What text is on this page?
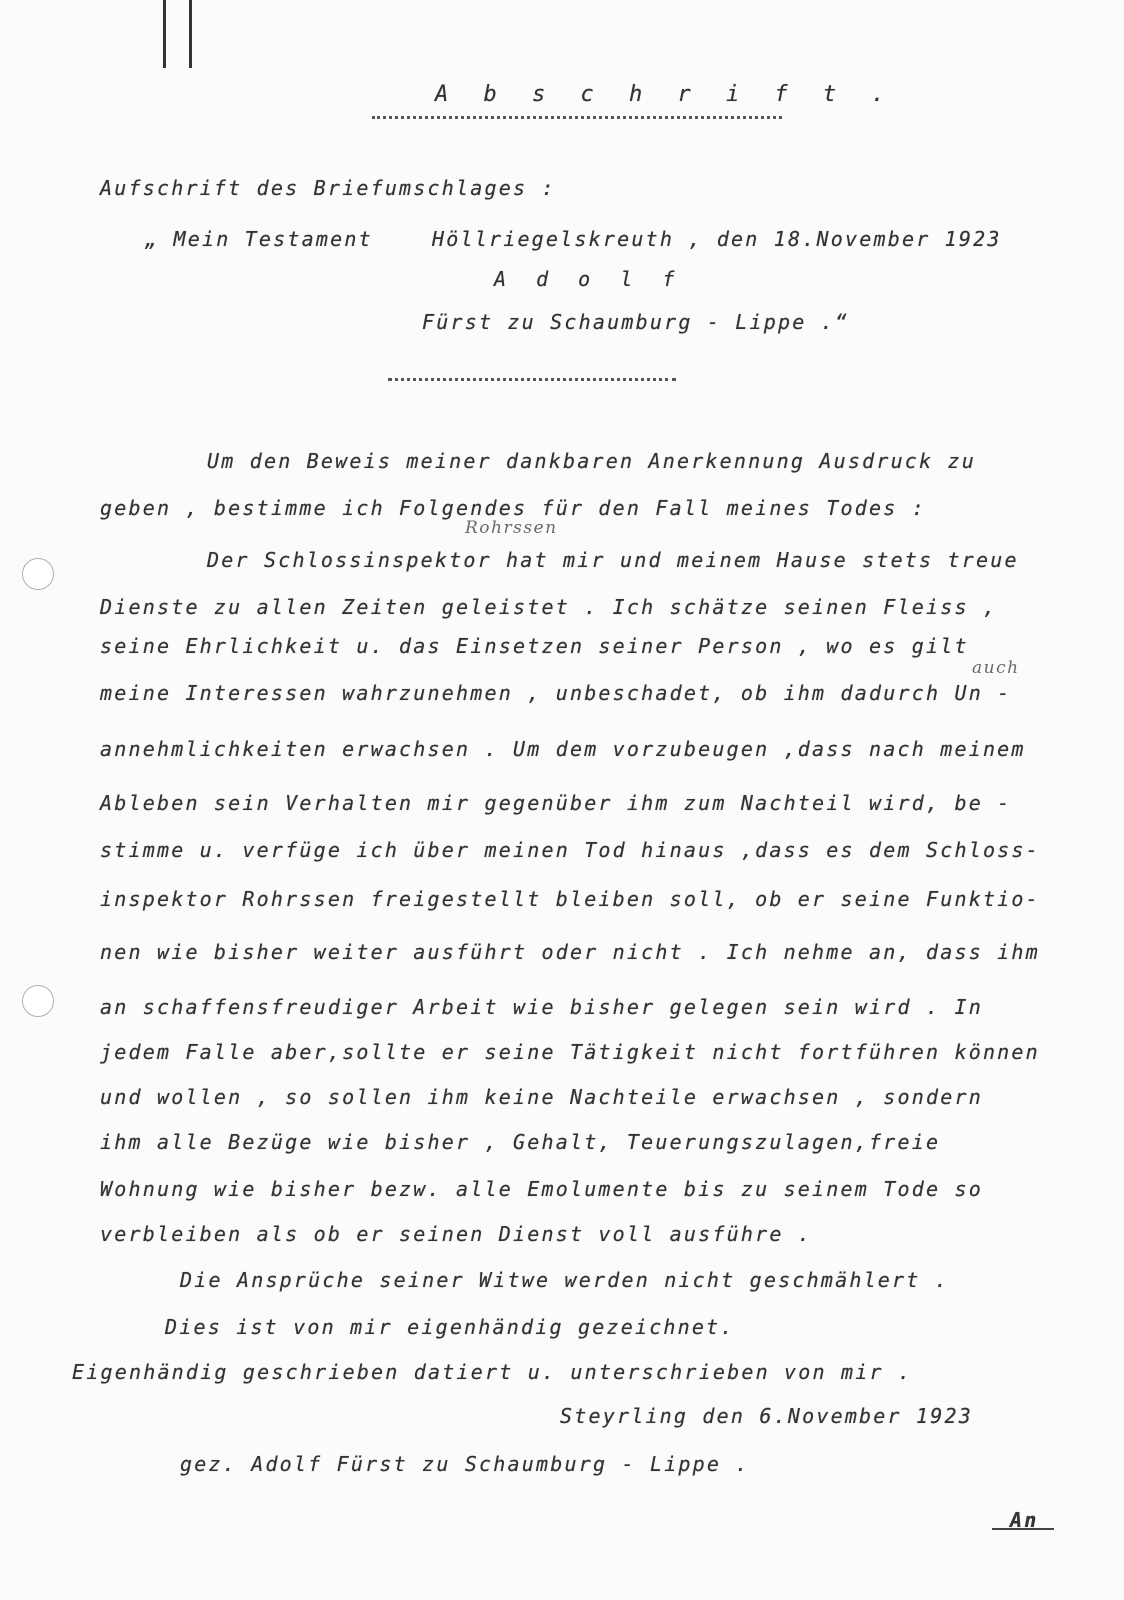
A b s c h r i f t .
Aufschrift des Briefumschlages :
„ Mein Testament	Höllriegelskreuth , den 18.November 1923
A d o l f
Fürst zu Schaumburg - Lippe .“
Rohrssen
auch
Um den Beweis meiner dankbaren Anerkennung Ausdruck zu
geben , bestimme ich Folgendes für den Fall meines Todes :
Der Schlossinspektor hat mir und meinem Hause stets treue
Dienste zu allen Zeiten geleistet . Ich schätze seinen Fleiss ,
seine Ehrlichkeit u. das Einsetzen seiner Person , wo es gilt
meine Interessen wahrzunehmen , unbeschadet, ob ihm dadurch Un -
annehmlichkeiten erwachsen . Um dem vorzubeugen ,dass nach meinem
Ableben sein Verhalten mir gegenüber ihm zum Nachteil wird, be -
stimme u. verfüge ich über meinen Tod hinaus ,dass es dem Schloss-
inspektor Rohrssen freigestellt bleiben soll, ob er seine Funktio-
nen wie bisher weiter ausführt oder nicht . Ich nehme an, dass ihm
an schaffensfreudiger Arbeit wie bisher gelegen sein wird . In
jedem Falle aber,sollte er seine Tätigkeit nicht fortführen können
und wollen , so sollen ihm keine Nachteile erwachsen , sondern
ihm alle Bezüge wie bisher , Gehalt, Teuerungszulagen,freie
Wohnung wie bisher bezw. alle Emolumente bis zu seinem Tode so
verbleiben als ob er seinen Dienst voll ausführe .
Die Ansprüche seiner Witwe werden nicht geschmählert .
Dies ist von mir eigenhändig gezeichnet.
Eigenhändig geschrieben datiert u. unterschrieben von mir .
Steyrling den 6.November 1923
gez. Adolf Fürst zu Schaumburg - Lippe .
An
